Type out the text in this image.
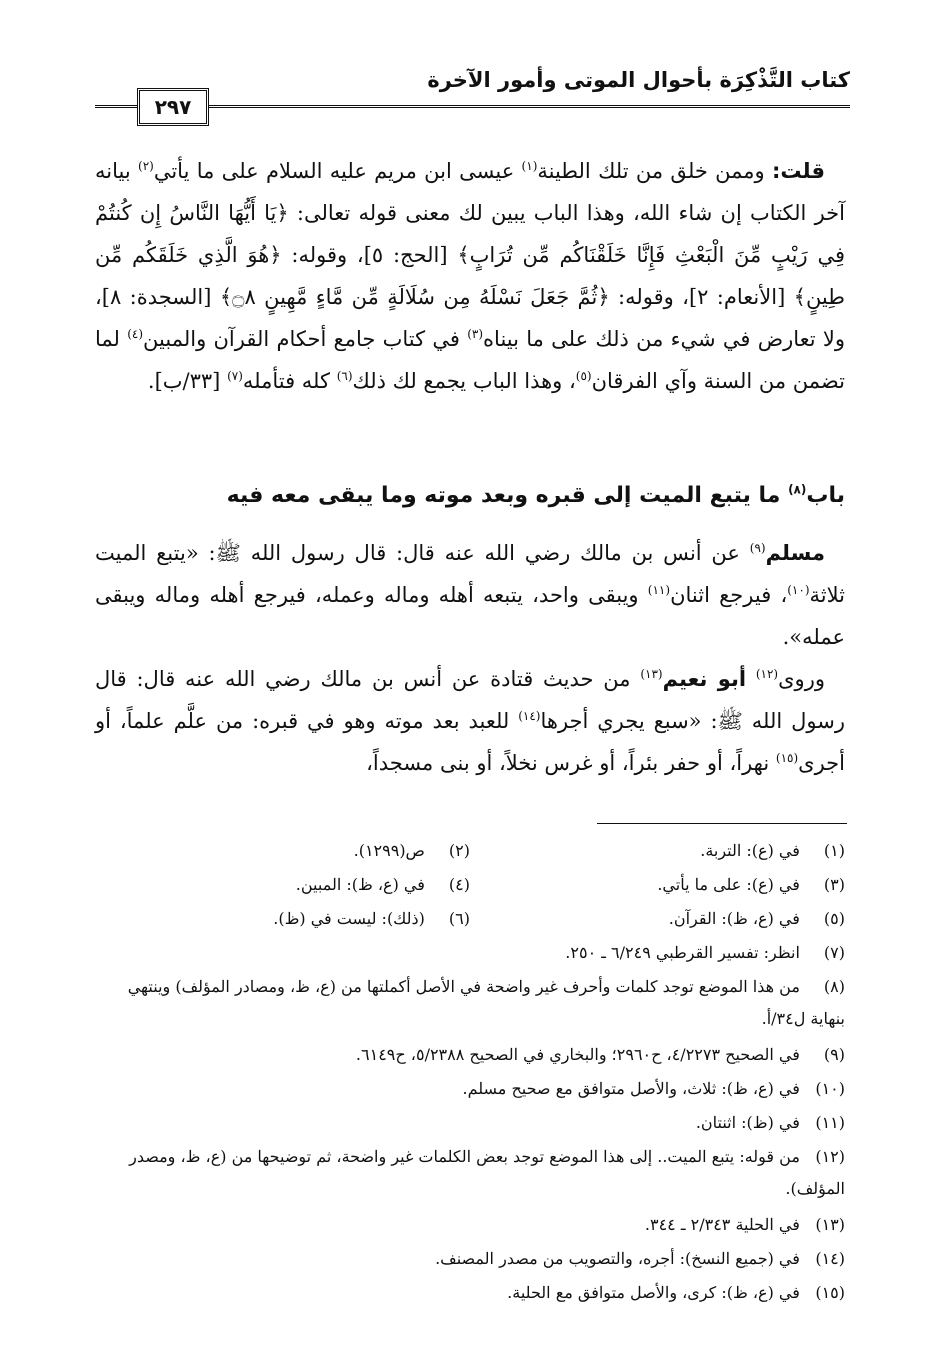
كتاب التَّذْكِرَة بأحوال الموتى وأمور الآخرة
٢٩٧

قلت: وممن خلق من تلك الطينة$^{(١)}$ عيسى ابن مريم عليه السلام على ما يأتي$^{(٢)}$ بيانه آخر الكتاب إن شاء الله، وهذا الباب يبين لك معنى قوله تعالى: ﴿يَا أَيُّهَا النَّاسُ إِن كُنتُمْ فِي رَيْبٍ مِّنَ الْبَعْثِ فَإِنَّا خَلَقْنَاكُم مِّن تُرَابٍ﴾ [الحج: ٥]، وقوله: ﴿هُوَ الَّذِي خَلَقَكُم مِّن طِينٍ﴾ [الأنعام: ٢]، وقوله: ﴿ثُمَّ جَعَلَ نَسْلَهُ مِن سُلَالَةٍ مِّن مَّاءٍ مَّهِينٍ ۝٨﴾ [السجدة: ٨]، ولا تعارض في شيء من ذلك على ما بيناه$^{(٣)}$ في كتاب جامع أحكام القرآن والمبين$^{(٤)}$ لما تضمن من السنة وآي الفرقان$^{(٥)}$، وهذا الباب يجمع لك ذلك$^{(٦)}$ كله فتأمله$^{(٧)}$ [٣٣/ب].

باب$^{(٨)}$ ما يتبع الميت إلى قبره وبعد موته وما يبقى معه فيه

مسلم$^{(٩)}$ عن أنس بن مالك رضي الله عنه قال: قال رسول الله ﷺ: «يتبع الميت ثلاثة$^{(١٠)}$، فيرجع اثنان$^{(١١)}$ ويبقى واحد، يتبعه أهله وماله وعمله، فيرجع أهله وماله ويبقى عمله».

وروى$^{(١٢)}$ أبو نعيم$^{(١٣)}$ من حديث قتادة عن أنس بن مالك رضي الله عنه قال: قال رسول الله ﷺ: «سبع يجري أجرها$^{(١٤)}$ للعبد بعد موته وهو في قبره: من علَّم علماً، أو أجرى$^{(١٥)}$ نهراً، أو حفر بئراً، أو غرس نخلاً، أو بنى مسجداً،

(١) في (ع): التربة.
(٢) ص(١٢٩٩).
(٣) في (ع): على ما يأتي.
(٤) في (ع، ظ): المبين.
(٥) في (ع، ظ): القرآن.
(٦) (ذلك): ليست في (ظ).
(٧) انظر: تفسير القرطبي ٦/٢٤٩ ـ ٢٥٠.
(٨) من هذا الموضع توجد كلمات وأحرف غير واضحة في الأصل أكملتها من (ع، ظ، ومصادر المؤلف) وينتهي بنهاية ل٣٤/أ.
(٩) في الصحيح ٤/٢٢٧٣، ح٢٩٦٠؛ والبخاري في الصحيح ٥/٢٣٨٨، ح٦١٤٩.
(١٠) في (ع، ظ): ثلاث، والأصل متوافق مع صحيح مسلم.
(١١) في (ظ): اثنتان.
(١٢) من قوله: يتبع الميت.. إلى هذا الموضع توجد بعض الكلمات غير واضحة، ثم توضيحها من (ع، ظ، ومصدر المؤلف).
(١٣) في الحلية ٢/٣٤٣ ـ ٣٤٤.
(١٤) في (جميع النسخ): أجره، والتصويب من مصدر المصنف.
(١٥) في (ع، ظ): كرى، والأصل متوافق مع الحلية.
